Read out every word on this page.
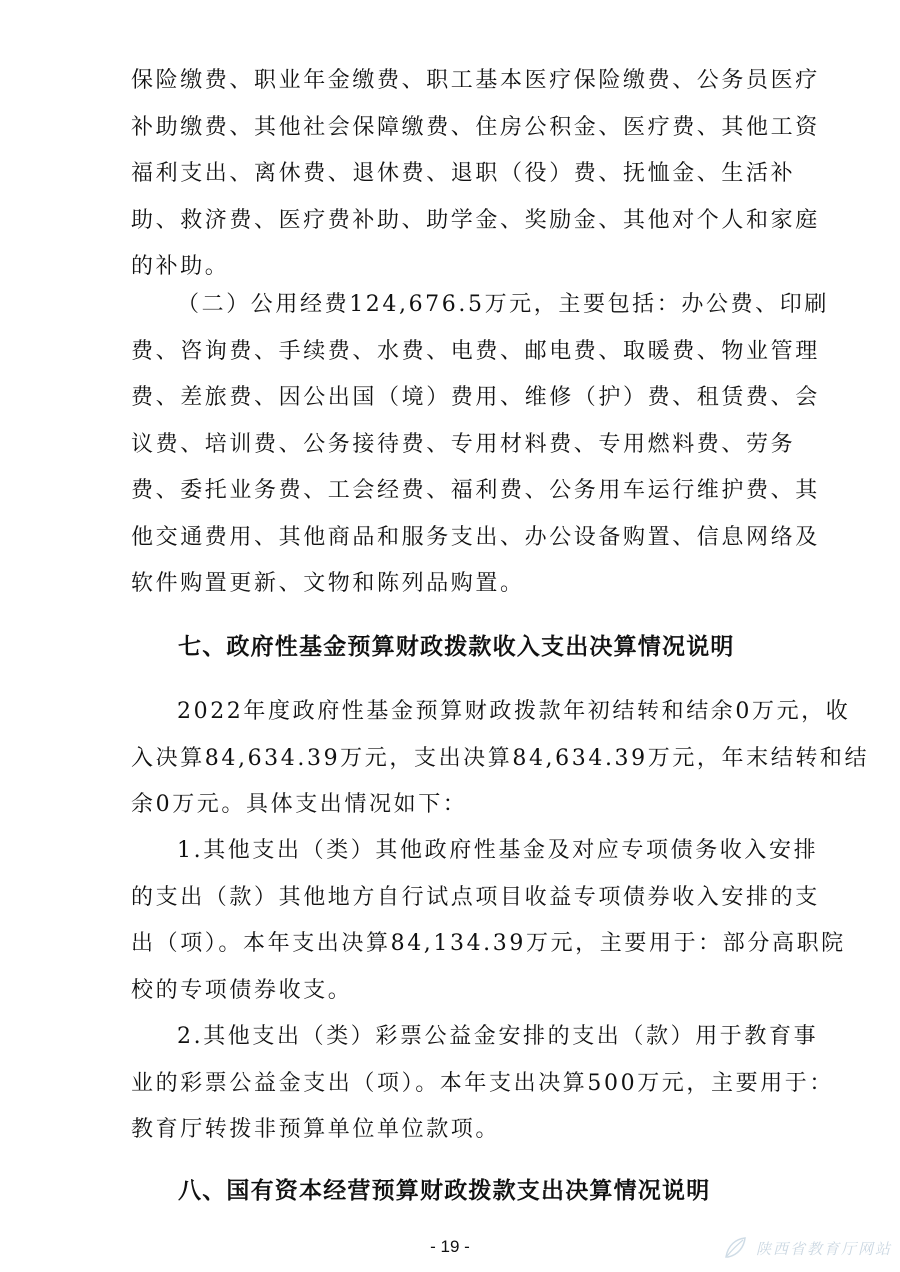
保险缴费、职业年金缴费、职工基本医疗保险缴费、公务员医疗
补助缴费、其他社会保障缴费、住房公积金、医疗费、其他工资
福利支出、离休费、退休费、退职（役）费、抚恤金、生活补
助、救济费、医疗费补助、助学金、奖励金、其他对个人和家庭
的补助。
（二）公用经费124,676.5万元，主要包括：办公费、印刷
费、咨询费、手续费、水费、电费、邮电费、取暖费、物业管理
费、差旅费、因公出国（境）费用、维修（护）费、租赁费、会
议费、培训费、公务接待费、专用材料费、专用燃料费、劳务
费、委托业务费、工会经费、福利费、公务用车运行维护费、其
他交通费用、其他商品和服务支出、办公设备购置、信息网络及
软件购置更新、文物和陈列品购置。
七、政府性基金预算财政拨款收入支出决算情况说明
2022年度政府性基金预算财政拨款年初结转和结余0万元，收
入决算84,634.39万元，支出决算84,634.39万元，年末结转和结
余0万元。具体支出情况如下：
1.其他支出（类）其他政府性基金及对应专项债务收入安排
的支出（款）其他地方自行试点项目收益专项债券收入安排的支
出（项）。本年支出决算84,134.39万元，主要用于：部分高职院
校的专项债券收支。
2.其他支出（类）彩票公益金安排的支出（款）用于教育事
业的彩票公益金支出（项）。本年支出决算500万元，主要用于：
教育厅转拨非预算单位单位款项。
八、国有资本经营预算财政拨款支出决算情况说明
- 19 -	陕西省教育厅网站
